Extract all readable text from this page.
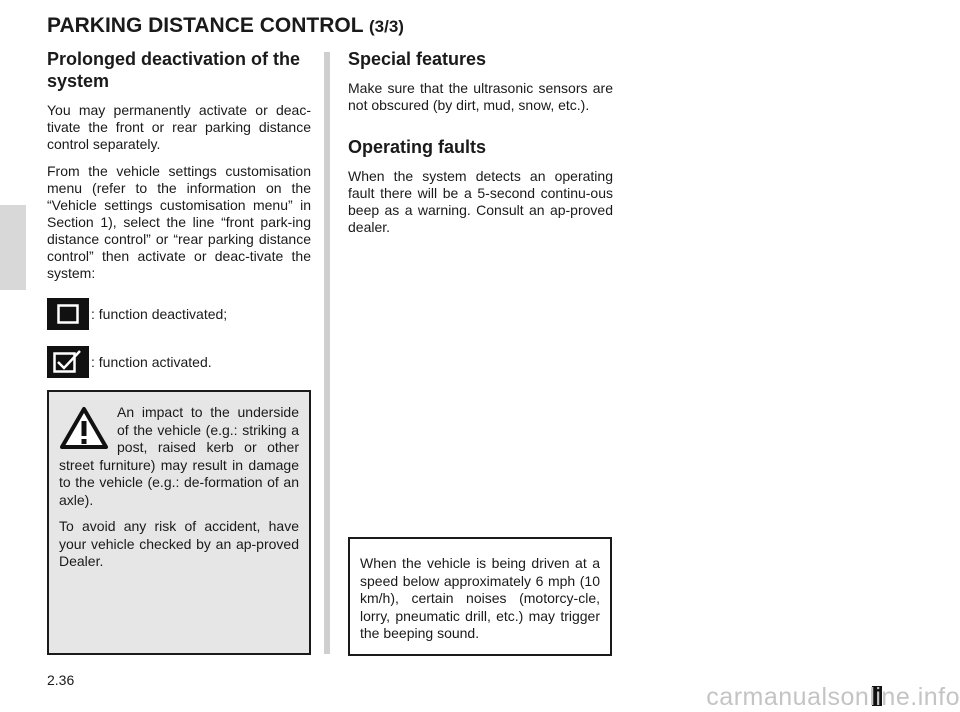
PARKING DISTANCE CONTROL (3/3)
Prolonged deactivation of the system

You may permanently activate or deac-tivate the front or rear parking distance control separately.

From the vehicle settings customisation menu (refer to the information on the “Vehicle settings customisation menu” in Section 1), select the line “front park-ing distance control” or “rear parking distance control” then activate or deac-tivate the system:

: function deactivated;
: function activated.

An impact to the underside of the vehicle (e.g.: striking a post, raised kerb or other street furniture) may result in damage to the vehicle (e.g.: de-formation of an axle).

To avoid any risk of accident, have your vehicle checked by an ap-proved Dealer.

Special features

Make sure that the ultrasonic sensors are not obscured (by dirt, mud, snow, etc.).

Operating faults

When the system detects an operating fault there will be a 5-second continu-ous beep as a warning. Consult an ap-proved dealer.

When the vehicle is being driven at a speed below approximately 6 mph (10 km/h), certain noises (motorcy-cle, lorry, pneumatic drill, etc.) may trigger the beeping sound.

2.36
carmanualsonline.info
